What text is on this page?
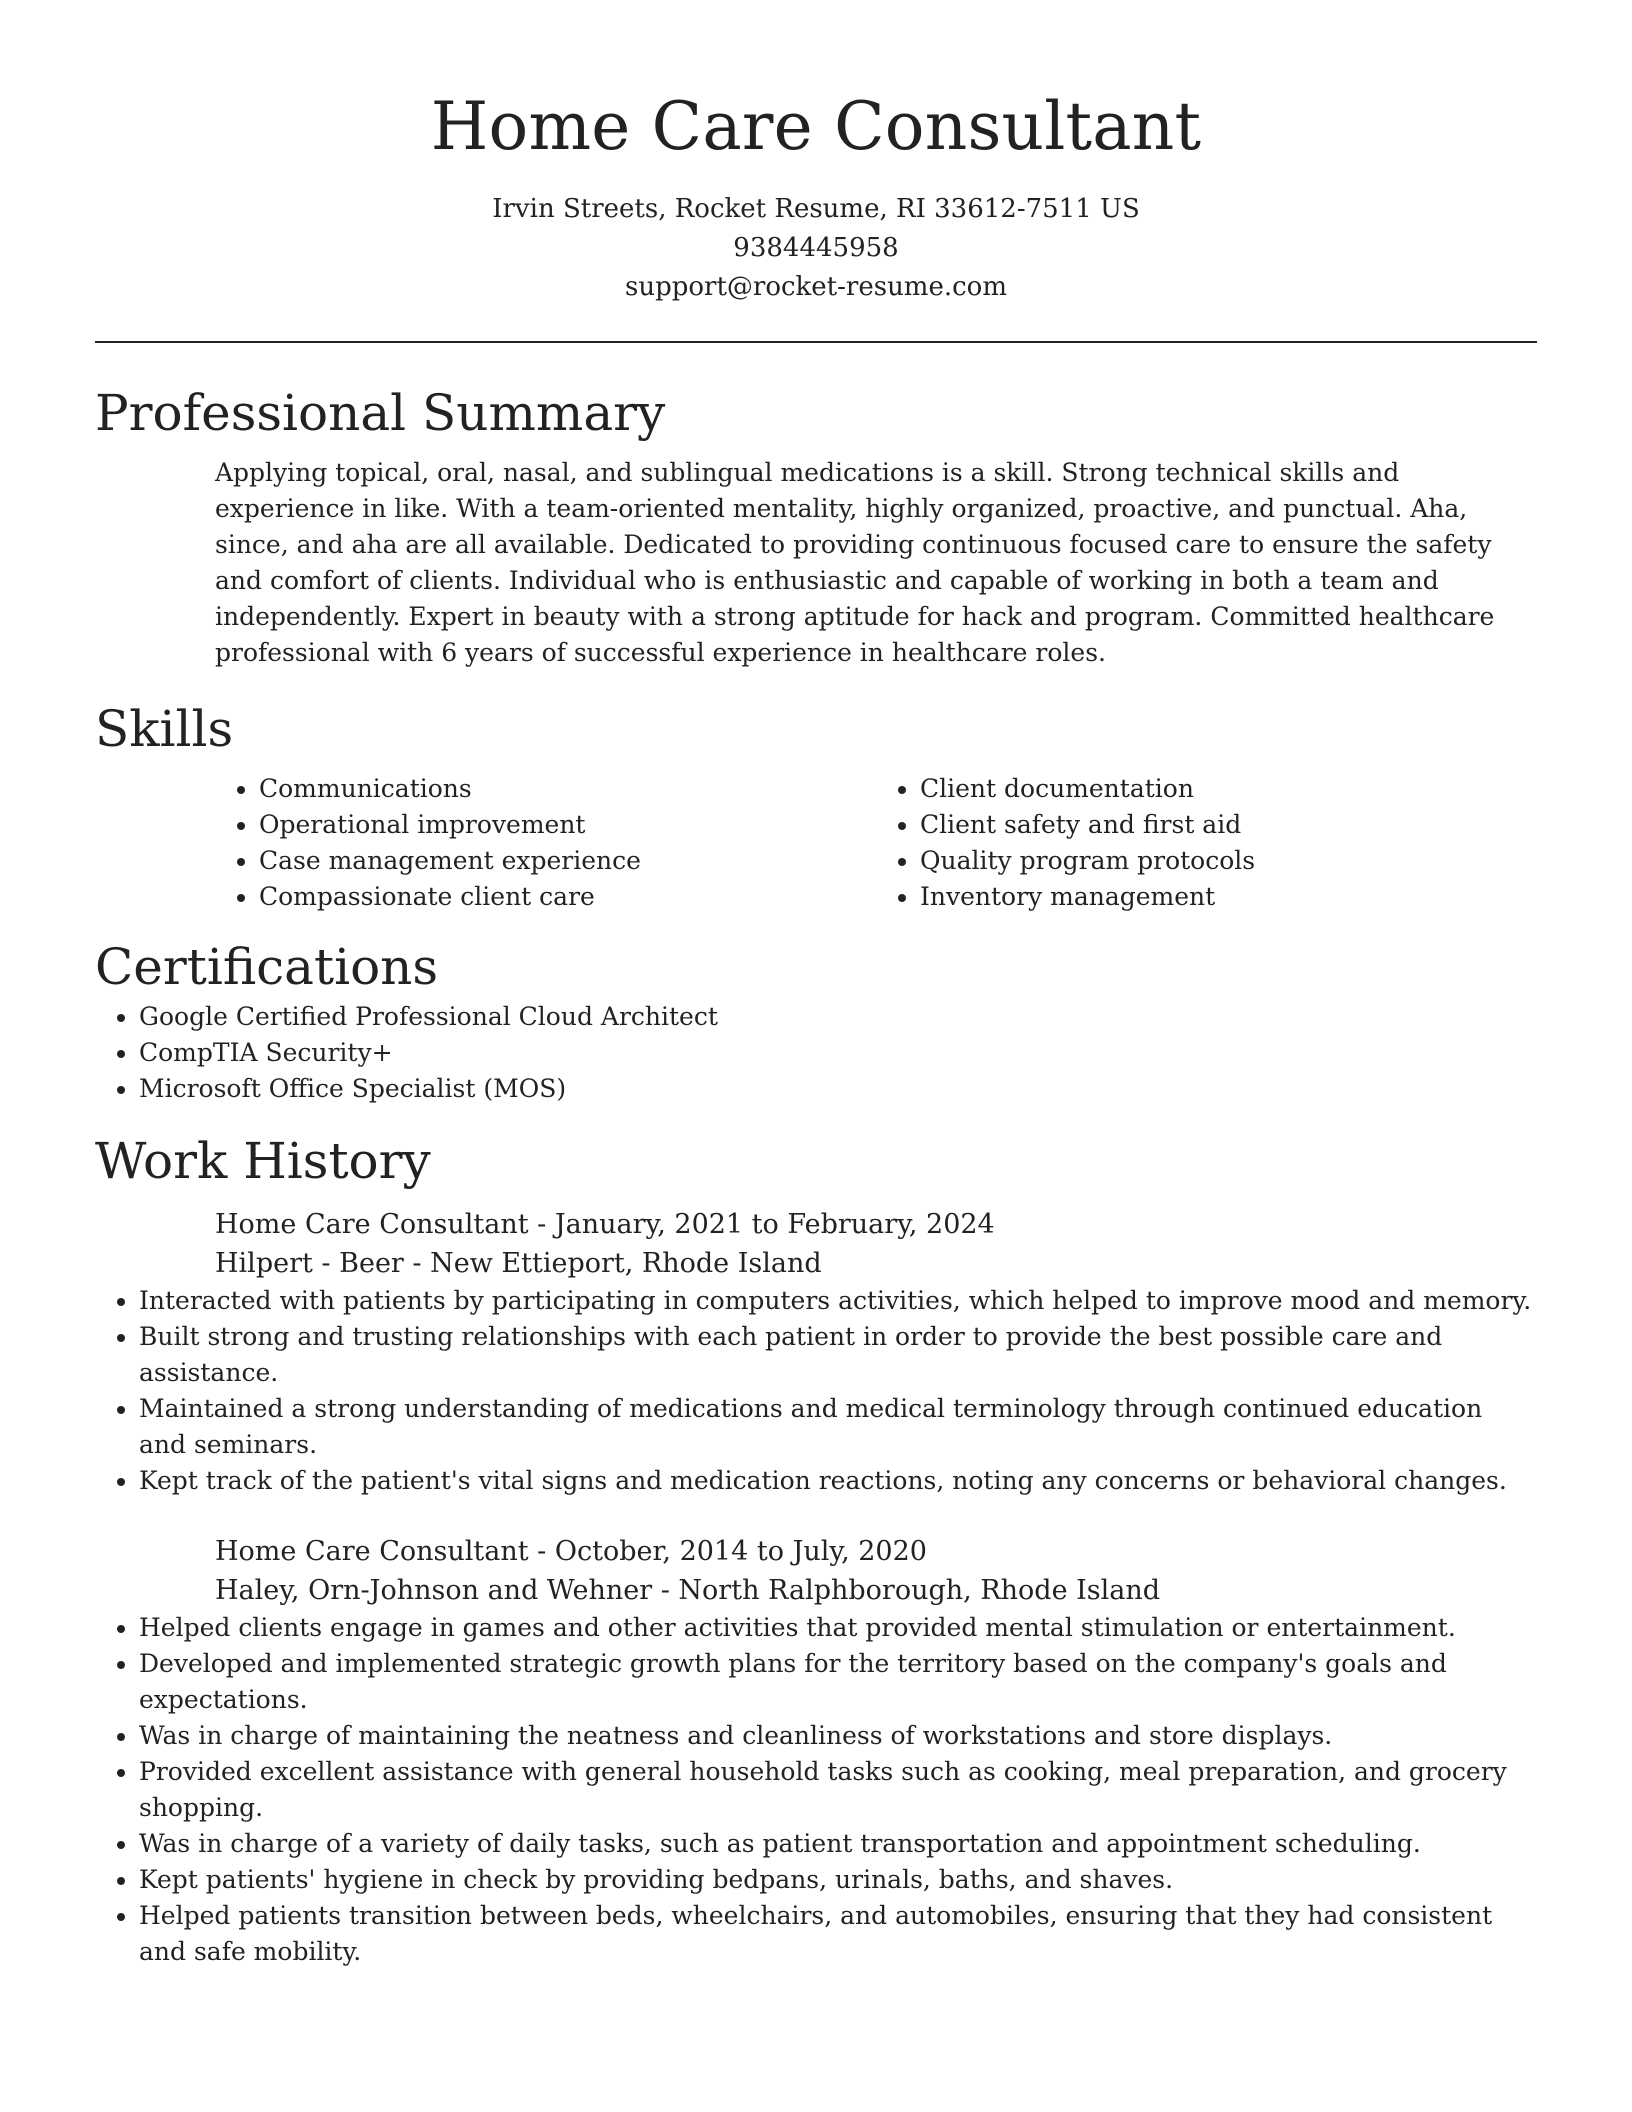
Home Care Consultant

Irvin Streets, Rocket Resume, RI 33612-7511 US

9384445958

support@rocket-resume.com

Professional Summary

Applying topical, oral, nasal, and sublingual medications is a skill. Strong technical skills and experience in like. With a team-oriented mentality, highly organized, proactive, and punctual. Aha, since, and aha are all available. Dedicated to providing continuous focused care to ensure the safety and comfort of clients. Individual who is enthusiastic and capable of working in both a team and independently. Expert in beauty with a strong aptitude for hack and program. Committed healthcare professional with 6 years of successful experience in healthcare roles.

Skills
• Communications
• Operational improvement
• Case management experience
• Compassionate client care
• Client documentation
• Client safety and first aid
• Quality program protocols
• Inventory management
Certifications
• Google Certified Professional Cloud Architect
• CompTIA Security+
• Microsoft Office Specialist (MOS)
Work History

Home Care Consultant - January, 2021 to February, 2024

Hilpert - Beer - New Ettieport, Rhode Island

• Interacted with patients by participating in computers activities, which helped to improve mood and memory.
• Built strong and trusting relationships with each patient in order to provide the best possible care and assistance.
• Maintained a strong understanding of medications and medical terminology through continued education and seminars.
• Kept track of the patient's vital signs and medication reactions, noting any concerns or behavioral changes.

Home Care Consultant - October, 2014 to July, 2020

Haley, Orn-Johnson and Wehner - North Ralphborough, Rhode Island

• Helped clients engage in games and other activities that provided mental stimulation or entertainment.
• Developed and implemented strategic growth plans for the territory based on the company's goals and expectations.
• Was in charge of maintaining the neatness and cleanliness of workstations and store displays.
• Provided excellent assistance with general household tasks such as cooking, meal preparation, and grocery shopping.
• Was in charge of a variety of daily tasks, such as patient transportation and appointment scheduling.
• Kept patients' hygiene in check by providing bedpans, urinals, baths, and shaves.
• Helped patients transition between beds, wheelchairs, and automobiles, ensuring that they had consistent and safe mobility.
